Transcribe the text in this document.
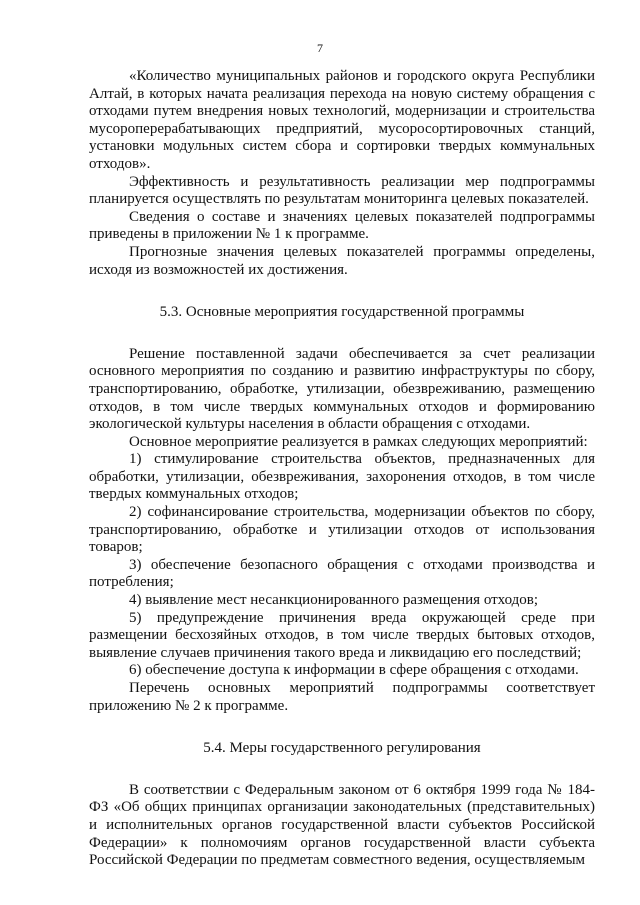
7

«Количество муниципальных районов и городского округа Республики Алтай, в которых начата реализация перехода на новую систему обращения с отходами путем внедрения новых технологий, модернизации и строительства мусороперерабатывающих предприятий, мусоросортировочных станций, установки модульных систем сбора и сортировки твердых коммунальных отходов».

Эффективность и результативность реализации мер подпрограммы планируется осуществлять по результатам мониторинга целевых показателей.

Сведения о составе и значениях целевых показателей подпрограммы приведены в приложении № 1 к программе.

Прогнозные значения целевых показателей программы определены, исходя из возможностей их достижения.

5.3. Основные мероприятия государственной программы

Решение поставленной задачи обеспечивается за счет реализации основного мероприятия по созданию и развитию инфраструктуры по сбору, транспортированию, обработке, утилизации, обезвреживанию, размещению отходов, в том числе твердых коммунальных отходов и формированию экологической культуры населения в области обращения с отходами.

Основное мероприятие реализуется в рамках следующих мероприятий:

1) стимулирование строительства объектов, предназначенных для обработки, утилизации, обезвреживания, захоронения отходов, в том числе твердых коммунальных отходов;

2) софинансирование строительства, модернизации объектов по сбору, транспортированию, обработке и утилизации отходов от использования товаров;

3) обеспечение безопасного обращения с отходами производства и потребления;

4) выявление мест несанкционированного размещения отходов;

5) предупреждение причинения вреда окружающей среде при размещении бесхозяйных отходов, в том числе твердых бытовых отходов, выявление случаев причинения такого вреда и ликвидацию его последствий;

6) обеспечение доступа к информации в сфере обращения с отходами.

Перечень основных мероприятий подпрограммы соответствует приложению № 2 к программе.

5.4. Меры государственного регулирования

В соответствии с Федеральным законом от 6 октября 1999 года № 184-ФЗ «Об общих принципах организации законодательных (представительных) и исполнительных органов государственной власти субъектов Российской Федерации» к полномочиям органов государственной власти субъекта Российской Федерации по предметам совместного ведения, осуществляемым
